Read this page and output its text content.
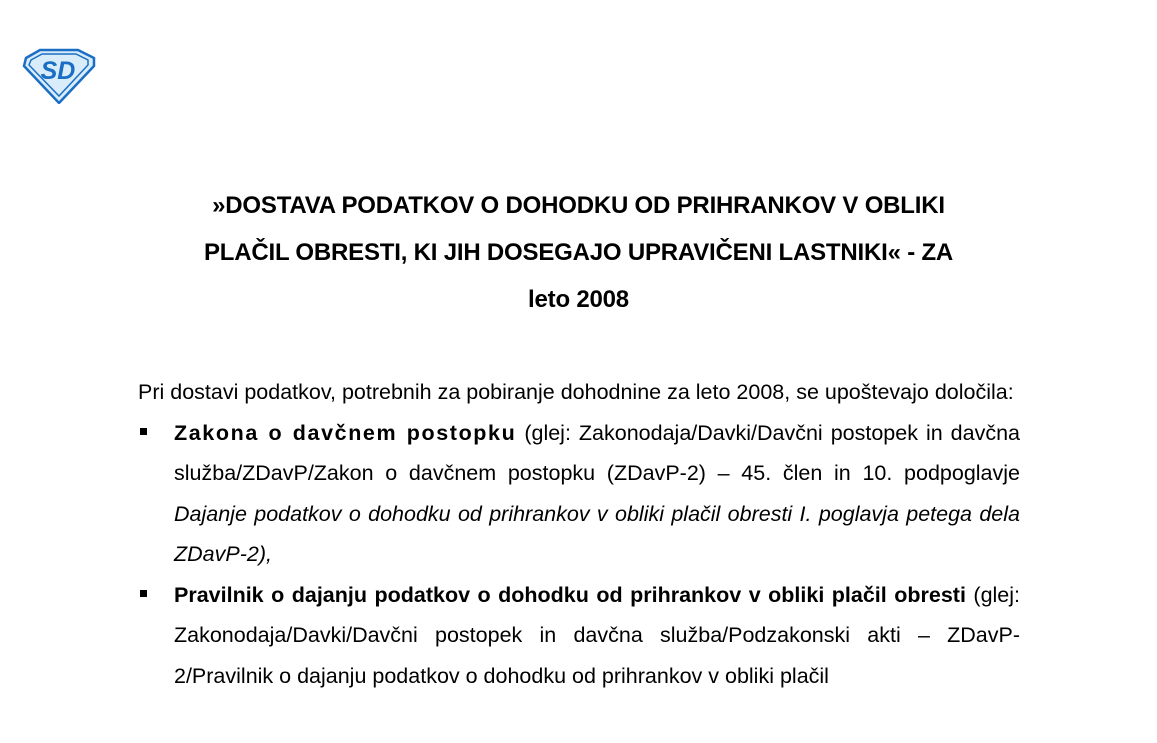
SD
»DOSTAVA PODATKOV O DOHODKU OD PRIHRANKOV V OBLIKI
PLAČIL OBRESTI, KI JIH DOSEGAJO UPRAVIČENI LASTNIKI« - ZA
leto 2008
Pri dostavi podatkov, potrebnih za pobiranje dohodnine za leto 2008, se upoštevajo določila:
Zakona o davčnem postopku (glej: Zakonodaja/Davki/Davčni postopek in davčna služba/ZDavP/Zakon o davčnem postopku (ZDavP-2) – 45. člen in 10. podpoglavje Dajanje podatkov o dohodku od prihrankov v obliki plačil obresti I. poglavja petega dela ZDavP-2),
Pravilnik o dajanju podatkov o dohodku od prihrankov v obliki plačil obresti (glej: Zakonodaja/Davki/Davčni postopek in davčna služba/Podzakonski akti – ZDavP-2/Pravilnik o dajanju podatkov o dohodku od prihrankov v obliki plačil
